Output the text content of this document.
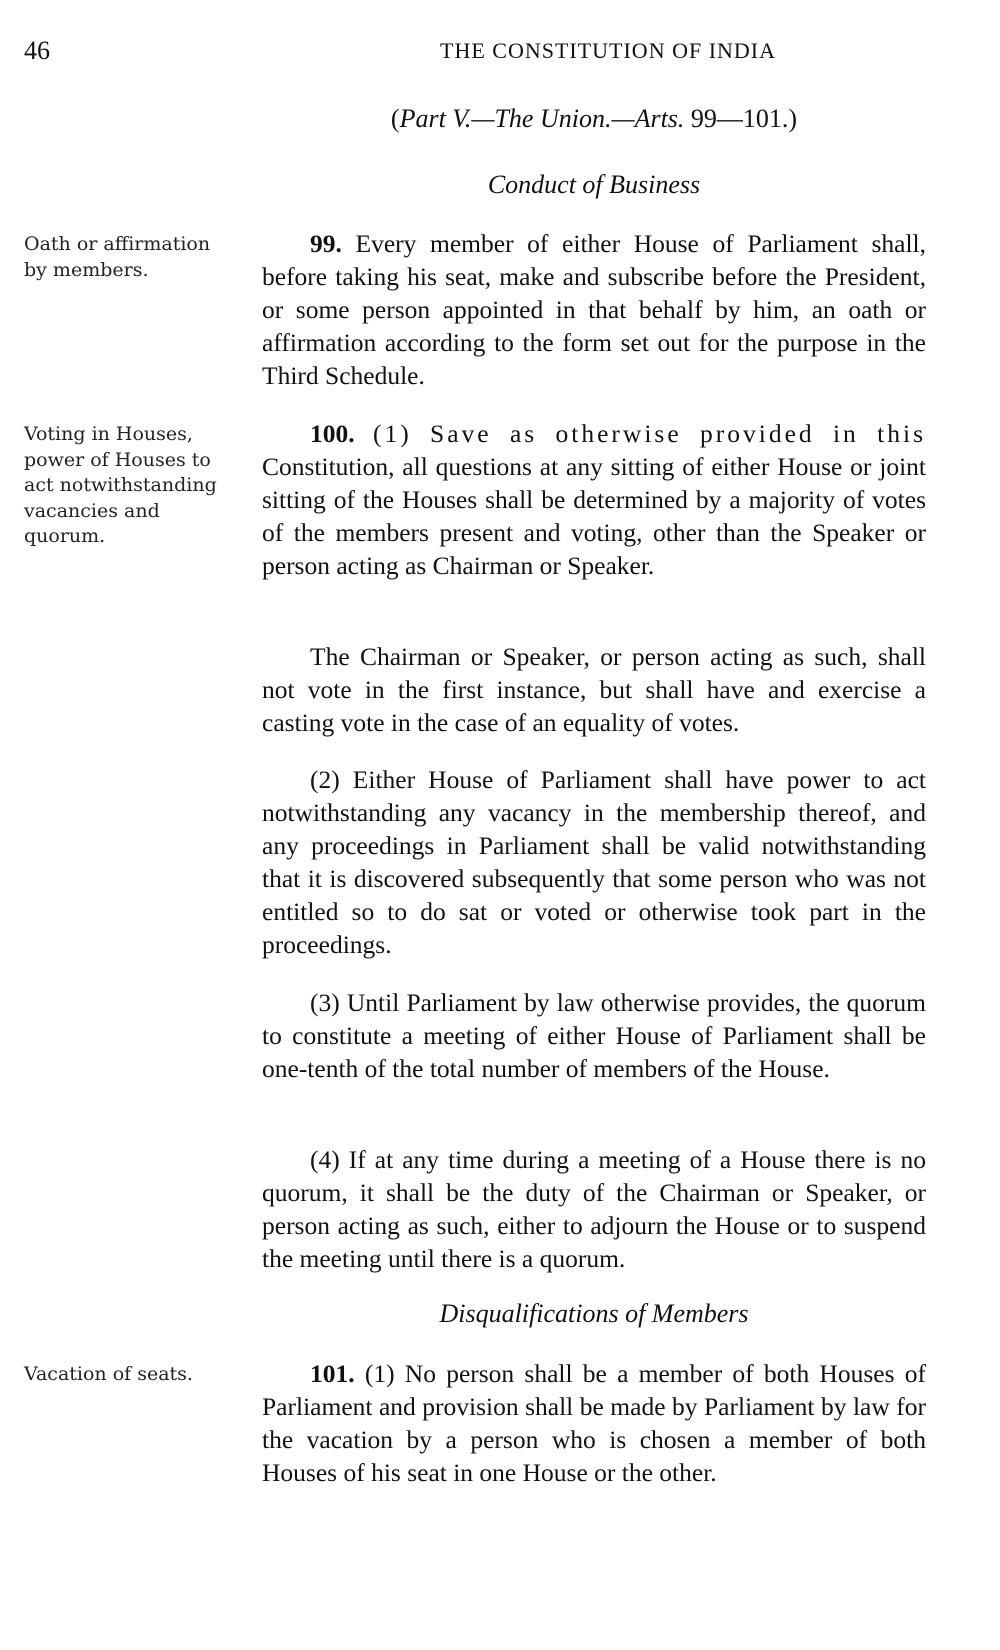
46	THE CONSTITUTION OF INDIA
(Part V.—The Union.—Arts. 99—101.)
Conduct of Business
Oath or affirmation by members.

99. Every member of either House of Parliament shall, before taking his seat, make and subscribe before the President, or some person appointed in that behalf by him, an oath or affirmation according to the form set out for the purpose in the Third Schedule.

Voting in Houses, power of Houses to act notwithstanding vacancies and quorum.

100. (1) Save as otherwise provided in this Constitution, all questions at any sitting of either House or joint sitting of the Houses shall be determined by a majority of votes of the members present and voting, other than the Speaker or person acting as Chairman or Speaker.

The Chairman or Speaker, or person acting as such, shall not vote in the first instance, but shall have and exercise a casting vote in the case of an equality of votes.

(2) Either House of Parliament shall have power to act notwithstanding any vacancy in the membership thereof, and any proceedings in Parliament shall be valid notwithstanding that it is discovered subsequently that some person who was not entitled so to do sat or voted or otherwise took part in the proceedings.

(3) Until Parliament by law otherwise provides, the quorum to constitute a meeting of either House of Parliament shall be one-tenth of the total number of members of the House.

(4) If at any time during a meeting of a House there is no quorum, it shall be the duty of the Chairman or Speaker, or person acting as such, either to adjourn the House or to suspend the meeting until there is a quorum.

Disqualifications of Members
Vacation of seats.	101. (1) No person shall be a member of both Houses of Parliament and provision shall be made by Parliament by law for the vacation by a person who is chosen a member of both Houses of his seat in one House or the other.
